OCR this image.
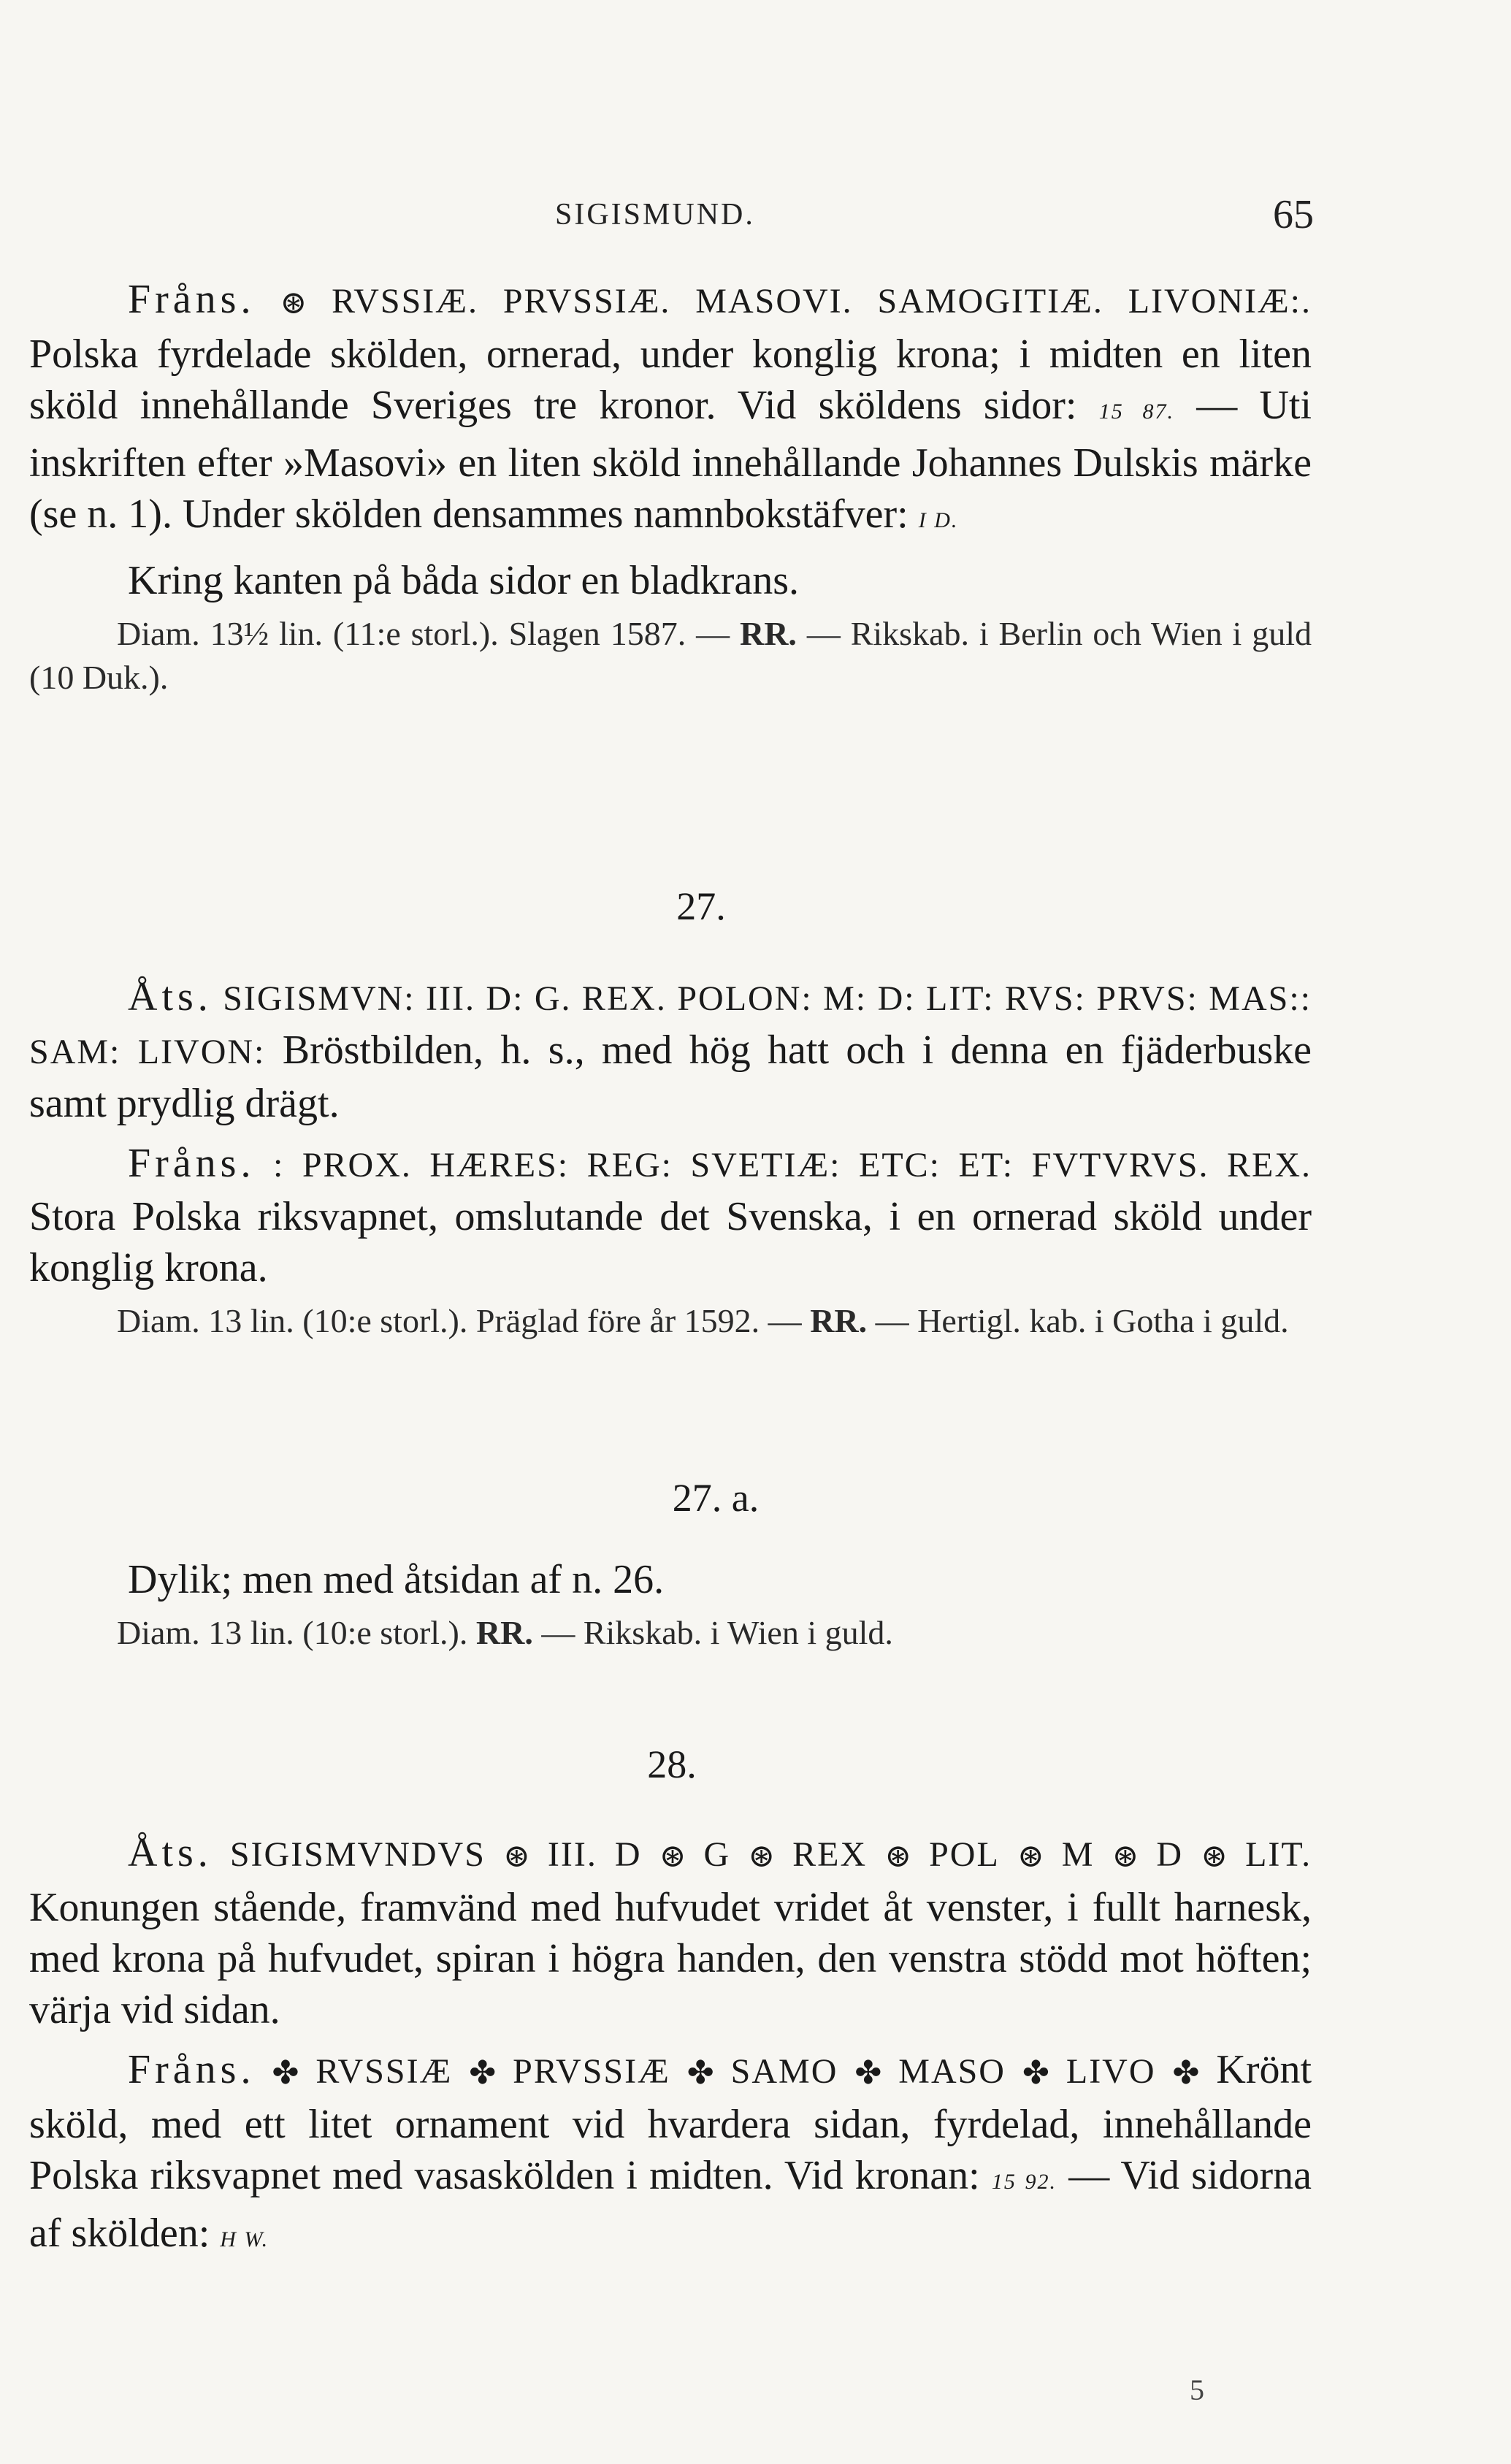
SIGISMUND.	65

Fråns. ⊛ RVSSIÆ. PRVSSIÆ. MASOVI. SAMOGITIÆ. LIVONIÆ:. Polska fyrdelade skölden, ornerad, under konglig krona; i midten en liten sköld innehållande Sveriges tre kronor. Vid sköldens sidor: 15 87. — Uti inskriften efter »Masovi» en liten sköld innehållande Johannes Dulskis märke (se n. 1). Under skölden densammes namnbokstäfver: I D.

Kring kanten på båda sidor en bladkrans.

Diam. 13½ lin. (11:e storl.). Slagen 1587. — RR. — Rikskab. i Berlin och Wien i guld (10 Duk.).

27.

Åts. SIGISMVN: III. D: G. REX. POLON: M: D: LIT: RVS: PRVS: MAS:: SAM: LIVON: Bröstbilden, h. s., med hög hatt och i denna en fjäderbuske samt prydlig drägt.

Fråns. : PROX. HÆRES: REG: SVETIÆ: ETC: ET: FVTVRVS. REX. Stora Polska riksvapnet, omslutande det Svenska, i en ornerad sköld under konglig krona.

Diam. 13 lin. (10:e storl.). Präglad före år 1592. — RR. — Hertigl. kab. i Gotha i guld.

27. a.

Dylik; men med åtsidan af n. 26.

Diam. 13 lin. (10:e storl.). RR. — Rikskab. i Wien i guld.

28.

Åts. SIGISMVNDVS ⊛ III. D ⊛ G ⊛ REX ⊛ POL ⊛ M ⊛ D ⊛ LIT. Konungen stående, framvänd med hufvudet vridet åt venster, i fullt harnesk, med krona på hufvudet, spiran i högra handen, den venstra stödd mot höften; värja vid sidan.

Fråns. ✤ RVSSIÆ ✤ PRVSSIÆ ✤ SAMO ✤ MASO ✤ LIVO ✤ Krönt sköld, med ett litet ornament vid hvardera sidan, fyrdelad, innehållande Polska riksvapnet med vasaskölden i midten. Vid kronan: 15 92. — Vid sidorna af skölden: H W.

5
